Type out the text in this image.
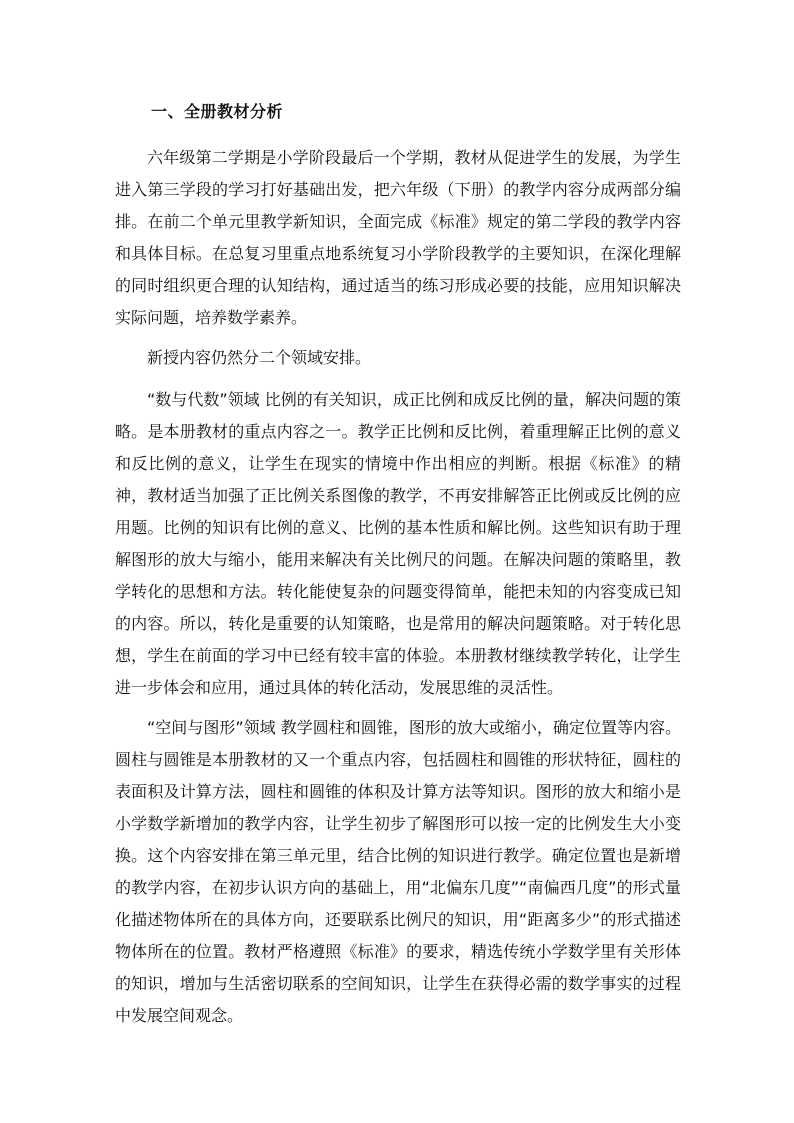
一、全册教材分析

六年级第二学期是小学阶段最后一个学期，教材从促进学生的发展，为学生进入第三学段的学习打好基础出发，把六年级（下册）的教学内容分成两部分编排。在前二个单元里教学新知识，全面完成《标准》规定的第二学段的教学内容和具体目标。在总复习里重点地系统复习小学阶段教学的主要知识，在深化理解的同时组织更合理的认知结构，通过适当的练习形成必要的技能，应用知识解决实际问题，培养数学素养。

新授内容仍然分二个领域安排。

“数与代数”领域 比例的有关知识，成正比例和成反比例的量，解决问题的策略。是本册教材的重点内容之一。教学正比例和反比例，着重理解正比例的意义和反比例的意义，让学生在现实的情境中作出相应的判断。根据《标准》的精神，教材适当加强了正比例关系图像的教学，不再安排解答正比例或反比例的应用题。比例的知识有比例的意义、比例的基本性质和解比例。这些知识有助于理解图形的放大与缩小，能用来解决有关比例尺的问题。在解决问题的策略里，教学转化的思想和方法。转化能使复杂的问题变得简单，能把未知的内容变成已知的内容。所以，转化是重要的认知策略，也是常用的解决问题策略。对于转化思想，学生在前面的学习中已经有较丰富的体验。本册教材继续教学转化，让学生进一步体会和应用，通过具体的转化活动，发展思维的灵活性。

“空间与图形”领域 教学圆柱和圆锥，图形的放大或缩小，确定位置等内容。圆柱与圆锥是本册教材的又一个重点内容，包括圆柱和圆锥的形状特征，圆柱的表面积及计算方法，圆柱和圆锥的体积及计算方法等知识。图形的放大和缩小是小学数学新增加的教学内容，让学生初步了解图形可以按一定的比例发生大小变换。这个内容安排在第三单元里，结合比例的知识进行教学。确定位置也是新增的教学内容，在初步认识方向的基础上，用“北偏东几度”“南偏西几度”的形式量化描述物体所在的具体方向，还要联系比例尺的知识，用“距离多少”的形式描述物体所在的位置。教材严格遵照《标准》的要求，精选传统小学数学里有关形体的知识，增加与生活密切联系的空间知识，让学生在获得必需的数学事实的过程中发展空间观念。
